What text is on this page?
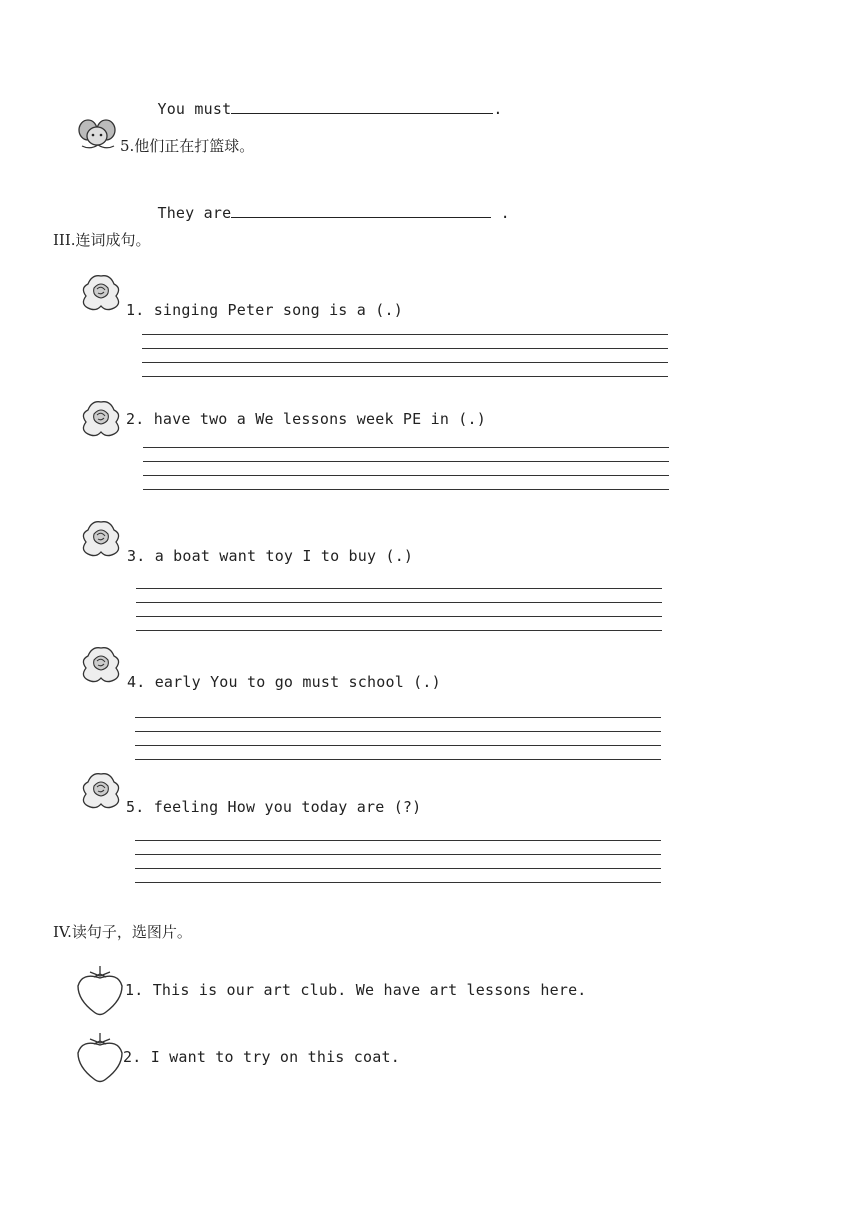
You must	.

5.他们正在打篮球。

They are	.

III.连词成句。
1. singing Peter song is a (.)
2. have two a We lessons week PE in (.)
3. a boat want toy I to buy (.)
4. early You to go must school (.)
5. feeling How you today are (?)
IV.读句子，选图片。
1. This is our art club. We have art lessons here.
2. I want to try on this coat.
